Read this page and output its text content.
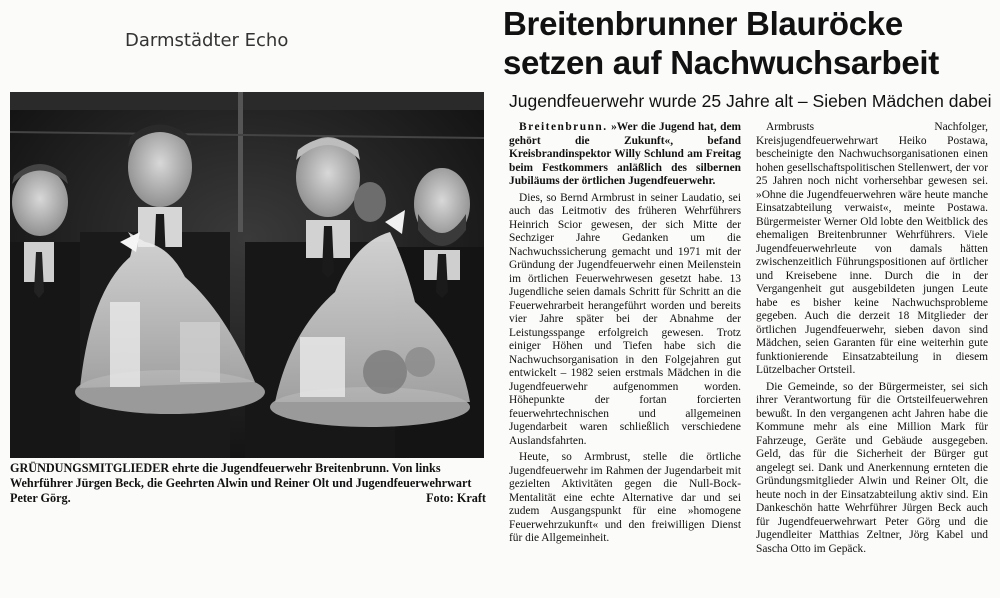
Darmstädter Echo
GRÜNDUNGSMITGLIEDER ehrte die Jugendfeuerwehr Breitenbrunn. Von links Wehrführer Jürgen Beck, die Geehrten Alwin und Reiner Olt und Jugendfeuerwehrwart Peter Görg.	Foto: Kraft
Breitenbrunner Blauröcke
setzen auf Nachwuchsarbeit
Jugendfeuerwehr wurde 25 Jahre alt – Sieben Mädchen dabei

Breitenbrunn. »Wer die Jugend hat, dem gehört die Zukunft«, befand Kreisbrandinspektor Willy Schlund am Freitag beim Festkommers anläßlich des silbernen Jubiläums der örtlichen Jugendfeuerwehr.

Dies, so Bernd Armbrust in seiner Laudatio, sei auch das Leitmotiv des früheren Wehrführers Heinrich Scior gewesen, der sich Mitte der Sechziger Jahre Gedanken um die Nachwuchssicherung gemacht und 1971 mit der Gründung der Jugendfeuerwehr einen Meilenstein im örtlichen Feuerwehrwesen gesetzt habe. 13 Jugendliche seien damals Schritt für Schritt an die Feuerwehrarbeit herangeführt worden und bereits vier Jahre später bei der Abnahme der Leistungsspange erfolgreich gewesen. Trotz einiger Höhen und Tiefen habe sich die Nachwuchsorganisation in den Folgejahren gut entwickelt – 1982 seien erstmals Mädchen in die Jugendfeuerwehr aufgenommen worden. Höhepunkte der fortan forcierten feuerwehrtechnischen und allgemeinen Jugendarbeit waren schließlich verschiedene Auslandsfahrten.

Heute, so Armbrust, stelle die örtliche Jugendfeuerwehr im Rahmen der Jugendarbeit mit gezielten Aktivitäten gegen die Null-Bock-Mentalität eine echte Alternative dar und sei zudem Ausgangspunkt für eine »homogene Feuerwehrzukunft« und den freiwilligen Dienst für die Allgemeinheit.

Armbrusts Nachfolger, Kreisjugendfeuerwehrwart Heiko Postawa, bescheinigte den Nachwuchsorganisationen einen hohen gesellschaftspolitischen Stellenwert, der vor 25 Jahren noch nicht vorhersehbar gewesen sei. »Ohne die Jugendfeuerwehren wäre heute manche Einsatzabteilung verwaist«, meinte Postawa. Bürgermeister Werner Old lobte den Weitblick des ehemaligen Breitenbrunner Wehrführers. Viele Jugendfeuerwehrleute von damals hätten zwischenzeitlich Führungspositionen auf örtlicher und Kreisebene inne. Durch die in der Vergangenheit gut ausgebildeten jungen Leute habe es bisher keine Nachwuchsprobleme gegeben. Auch die derzeit 18 Mitglieder der örtlichen Jugendfeuerwehr, sieben davon sind Mädchen, seien Garanten für eine weiterhin gute funktionierende Einsatzabteilung in diesem Lützelbacher Ortsteil.

Die Gemeinde, so der Bürgermeister, sei sich ihrer Verantwortung für die Ortsteilfeuerwehren bewußt. In den vergangenen acht Jahren habe die Kommune mehr als eine Million Mark für Fahrzeuge, Geräte und Gebäude ausgegeben. Geld, das für die Sicherheit der Bürger gut angelegt sei. Dank und Anerkennung ernteten die Gründungsmitglieder Alwin und Reiner Olt, die heute noch in der Einsatzabteilung aktiv sind. Ein Dankeschön hatte Wehrführer Jürgen Beck auch für Jugendfeuerwehrwart Peter Görg und die Jugendleiter Matthias Zeltner, Jörg Kabel und Sascha Otto im Gepäck.
